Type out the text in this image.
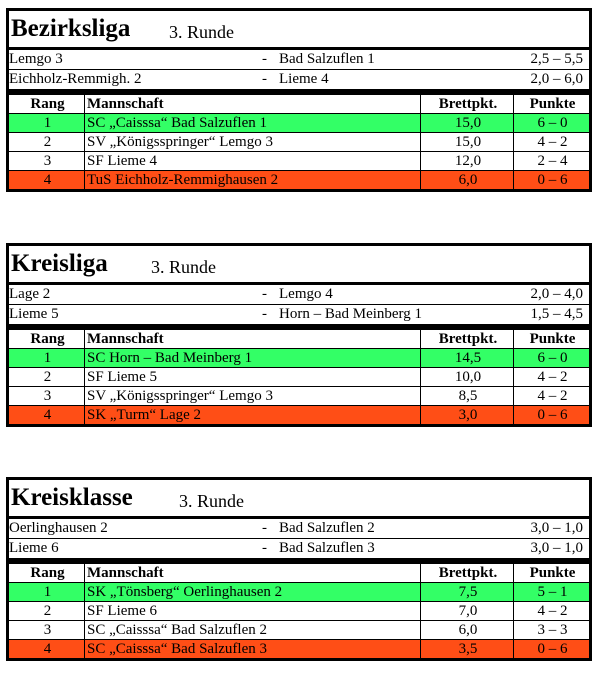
Bezirksliga 3. Runde
Lemgo 3	- Bad Salzuflen 1	2,5 – 5,5
Eichholz-Remmigh. 2	- Lieme 4	2,0 – 6,0
Rang	Mannschaft	Brettpkt.	Punkte
1	SC „Caisssa“ Bad Salzuflen 1	15,0	6 – 0
2	SV „Königsspringer“ Lemgo 3	15,0	4 – 2
3	SF Lieme 4	12,0	2 – 4
4	TuS Eichholz-Remmighausen 2	6,0	0 – 6
Kreisliga 3. Runde
Lage 2	- Lemgo 4	2,0 – 4,0
Lieme 5	- Horn – Bad Meinberg 1	1,5 – 4,5
Rang	Mannschaft	Brettpkt.	Punkte
1	SC Horn – Bad Meinberg 1	14,5	6 – 0
2	SF Lieme 5	10,0	4 – 2
3	SV „Königsspringer“ Lemgo 3	8,5	4 – 2
4	SK „Turm“ Lage 2	3,0	0 – 6
Kreisklasse	3. Runde
Oerlinghausen 2	- Bad Salzuflen 2	3,0 – 1,0
Lieme 6	- Bad Salzuflen 3	3,0 – 1,0
Rang	Mannschaft	Brettpkt.	Punkte
1	SK „Tönsberg“ Oerlinghausen 2	7,5	5 – 1
2	SF Lieme 6	7,0	4 – 2
3	SC „Caisssa“ Bad Salzuflen 2	6,0	3 – 3
4	SC „Caisssa“ Bad Salzuflen 3	3,5	0 – 6
